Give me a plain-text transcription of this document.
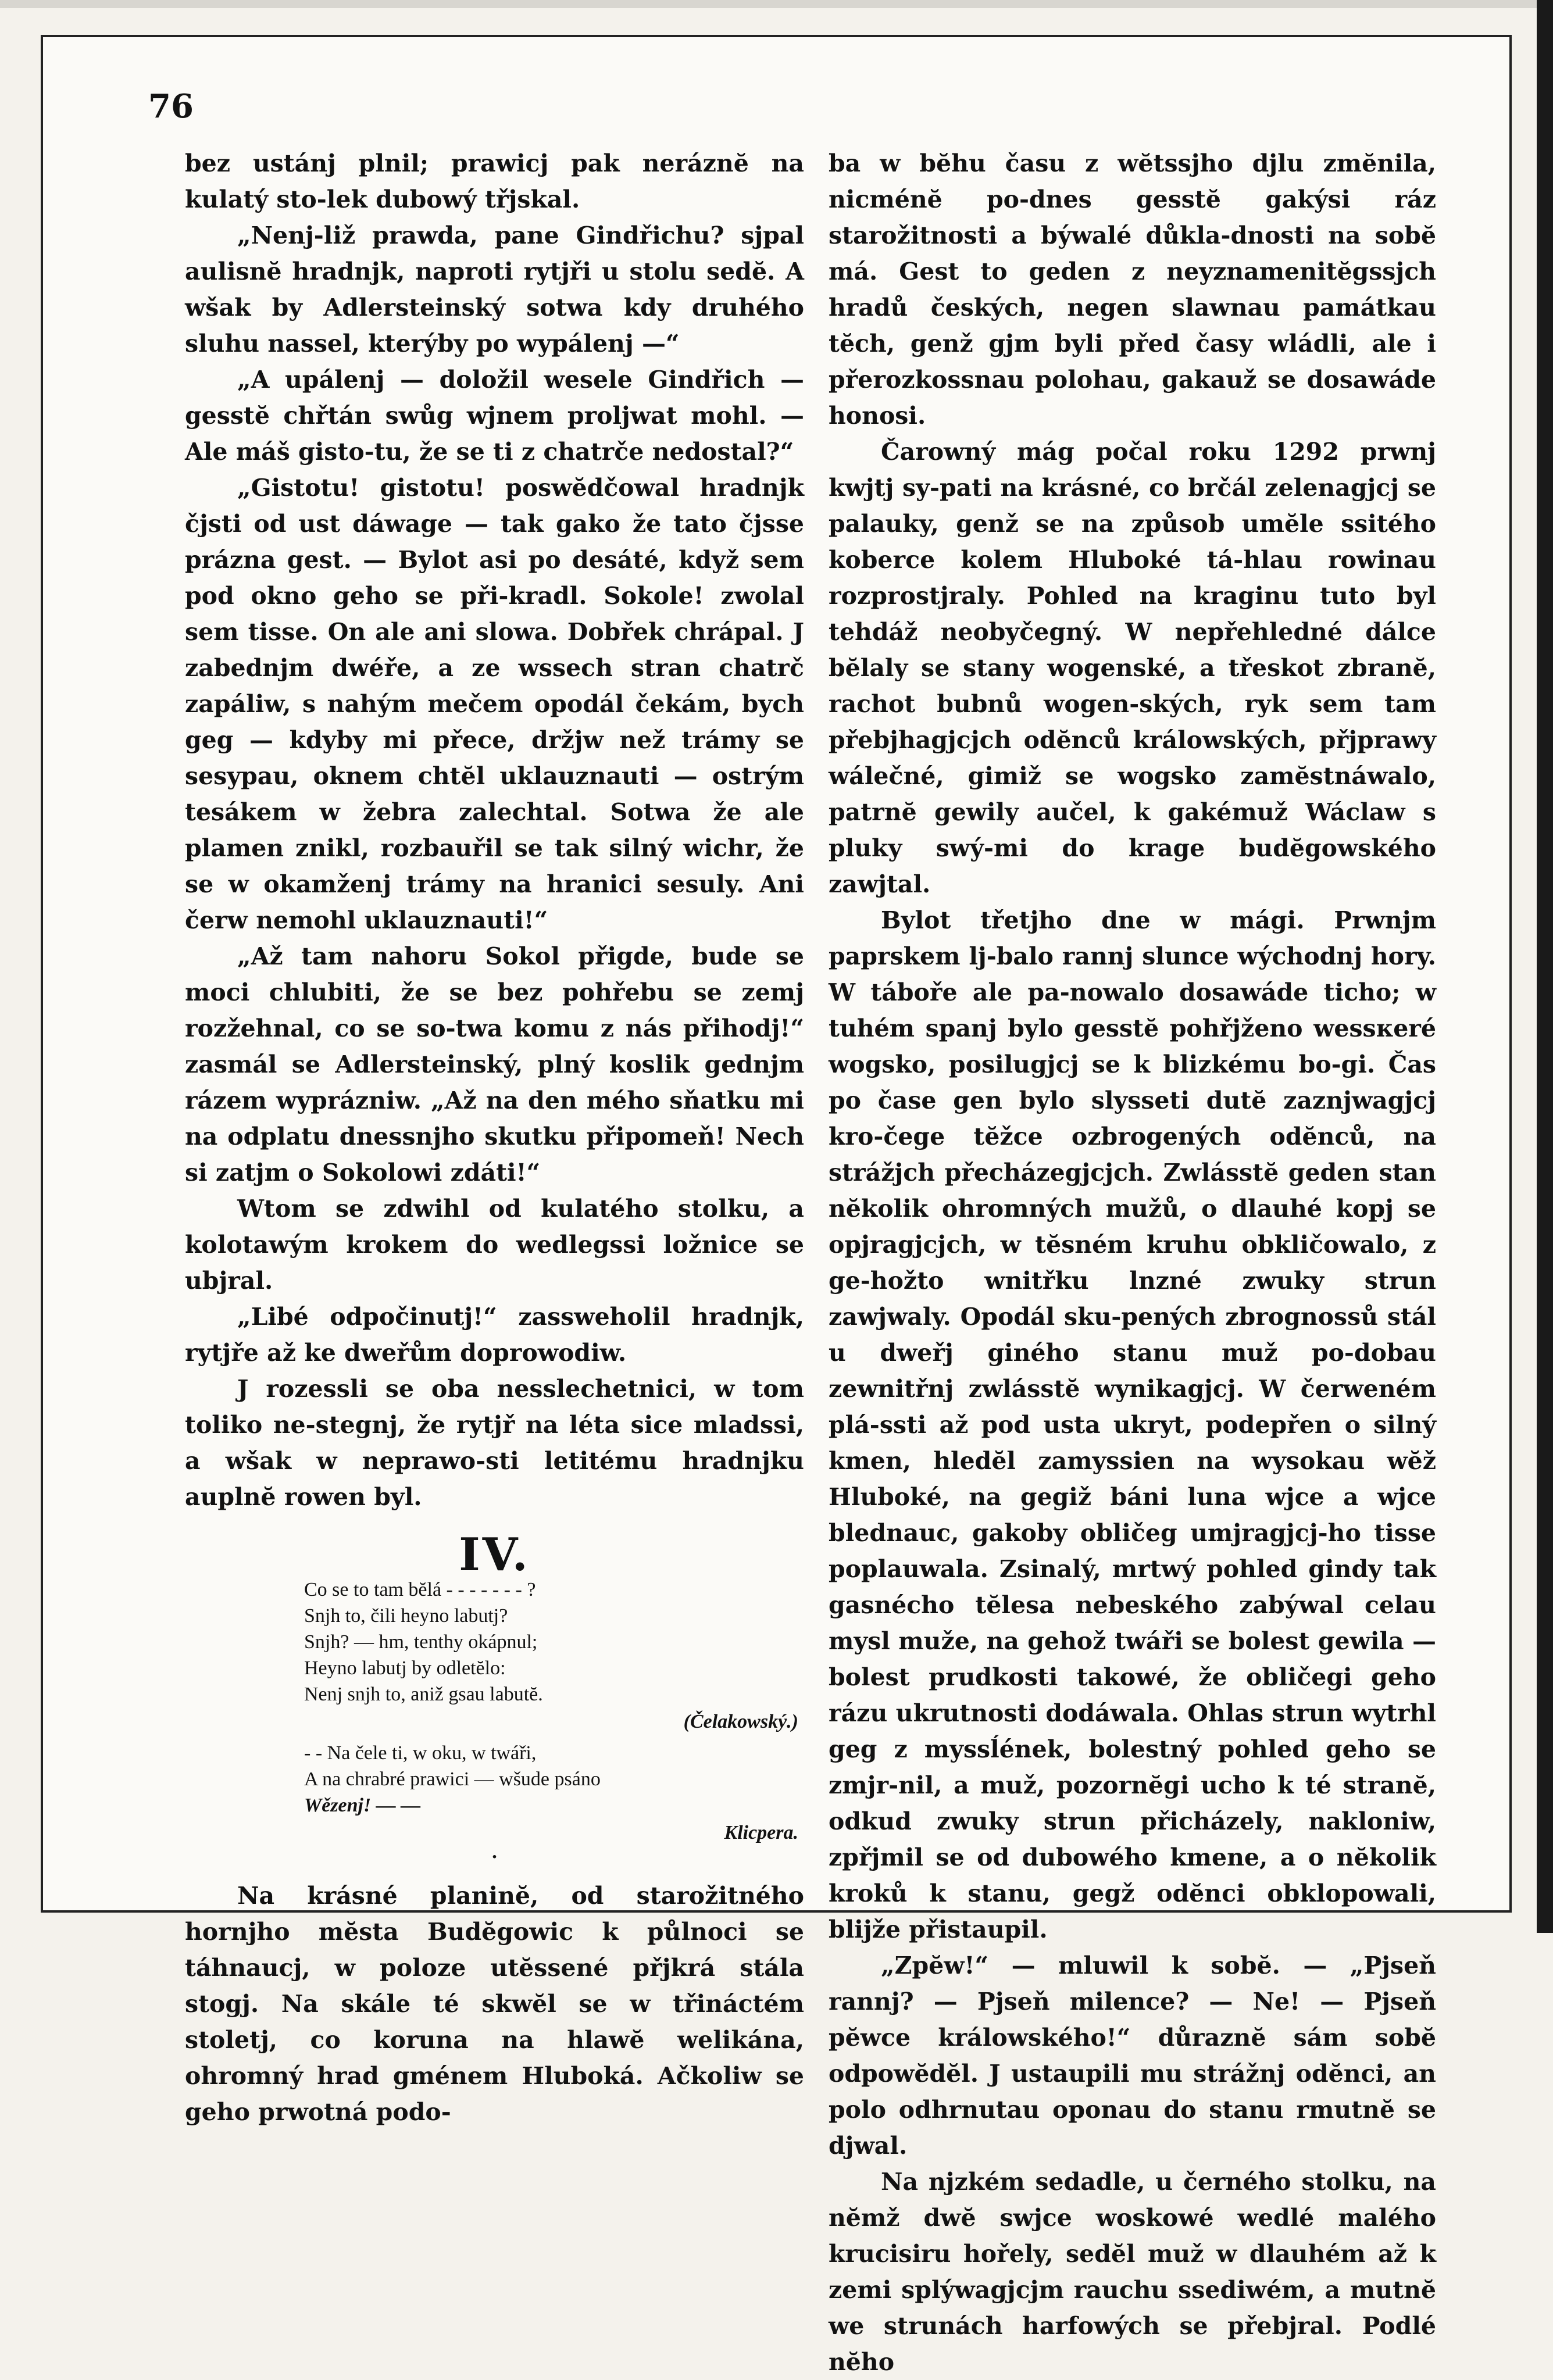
76

bez ustánj plnil; prawicj pak neráznĕ na kulatý sto-lek dubowý třjskal.

„Nenj-liž prawda, pane Gindřichu? sjpal aulisnĕ hradnjk, naproti rytjři u stolu sedĕ. A wšak by Adlersteinský sotwa kdy druhého sluhu nassel, kterýby po wypálenj —“

„A upálenj — doložil wesele Gindřich — gesstĕ chřtán swůg wjnem proljwat mohl. — Ale máš gisto-tu, že se ti z chatrče nedostal?“

„Gistotu! gistotu! poswĕdčowal hradnjk čjsti od ust dáwage — tak gako že tato čjsse prázna gest. — Bylot asi po desáté, když sem pod okno geho se při-kradl. Sokole! zwolal sem tisse. On ale ani slowa. Dobřek chrápal. J zabednjm dwéře, a ze wssech stran chatrč zapáliw, s nahým mečem opodál čekám, bych geg — kdyby mi přece, držjw než trámy se sesypau, oknem chtĕl uklauznauti — ostrým tesákem w žebra zalechtal. Sotwa že ale plamen znikl, rozbauřil se tak silný wichr, že se w okamženj trámy na hranici sesuly. Ani čerw nemohl uklauznauti!“

„Až tam nahoru Sokol přigde, bude se moci chlubiti, že se bez pohřebu se zemj rozžehnal, co se so-twa komu z nás přihodj!“ zasmál se Adlersteinský, plný koslik gednjm rázem wyprázniw. „Až na den mého sňatku mi na odplatu dnessnjho skutku připomeň! Nech si zatjm o Sokolowi zdáti!“

Wtom se zdwihl od kulatého stolku, a kolotawým krokem do wedlegssi ložnice se ubjral.

„Libé odpočinutj!“ zasswеholil hradnjk, rytjře až ke dweřům doprowodiw.

J rozessli se oba nesslechetnici, w tom toliko ne-stegnj, že rytjř na léta sice mladssi, a wšak w neprawo-sti letitému hradnjku auplnĕ rowen byl.

IV.
Co se to tam bĕlá - - - - - - - ?
Snjh to, čili heyno labutj?
Snjh? — hm, tenthy okápnul;
Heyno labutj by odletĕlo:
Nenj snjh to, aniž gsau labutĕ.
(Čelakowský.)
- - Na čele ti, w oku, w twáři,
A na chrabré prawici — wšude psáno
Wězenj! — —
Klicpera.
·

Na krásné planinĕ, od starožitného hornjho mĕsta Budĕgowic k půlnoci se táhnaucj, w poloze utĕssené přjkrá stála stogj. Na skále té skwĕl se w třináctém stoletj, co koruna na hlawĕ welikána, ohromný hrad gménem Hluboká. Ačkoliw se geho prwotná podo-

ba w bĕhu času z wĕtssjho djlu zmĕnila, nicménĕ po-dnes gesstĕ gakýsi ráz starožitnosti a býwalé důkla-dnosti na sobĕ má. Gest to geden z neyznamenitĕgssjch hradů českých, negen slawnau památkau tĕch, genž gjm byli před časy wládli, ale i přerozkossnau polohau, gakauž se dosawáde honosi.

Čarowný mág počal roku 1292 prwnj kwjtj sy-pati na krásné, co brčál zelenagjcj se palauky, genž se na způsob umĕle ssitého koberce kolem Hluboké tá-hlau rowinau rozprostjraly. Pohled na kraginu tuto byl tehdáž neobyčegný. W nepřehledné dálce bĕlaly se stany wogenské, a třeskot zbranĕ, rachot bubnů wogen-ských, ryk sem tam přebjhagjcjch odĕnců králowských, přjprawy wálečné, gimiž se wogsko zamĕstnáwalo, patrnĕ gewily aučel, k gakémuž Wáclaw s pluky swý-mi do krage budĕgowského zawjtal.

Bylot třetjho dne w mági. Prwnjm paprskem lj-balo rannj slunce wýchodnj hory. W táboře ale pa-nowalo dosawáde ticho; w tuhém spanj bylo gesstĕ pohřjženo wessкeré wogsko, posilugjcj se k blizkému bo-gi. Čas po čase gen bylo slysseti dutĕ zaznjwagjcj kro-čege tĕžce ozbrogených odĕnců, na strážjch přecházegjcjch. Zwlásstĕ geden stan nĕkolik ohromných mužů, o dlauhé kopj se opjragjcjch, w tĕsném kruhu obkličowalo, z ge-hožto wnitřku lnzné zwuky strun zawjwaly. Opodál sku-pených zbrognossů stál u dweřj giného stanu muž po-dobau zewnitřnj zwlásstĕ wynikagjcj. W čerweném plá-ssti až pod usta ukryt, podepřen o silný kmen, hledĕl zamyssien na wysokau wĕž Hluboké, na gegiž báni luna wjce a wjce blednauc, gakoby obličeg umjragjcj-ho tisse poplauwala. Zsinalý, mrtwý pohled gindy tak gasnécho tĕlesa nebeského zabýwal celau mysl muže, na gehož twáři se bolest gewila — bolest prudkosti takowé, že obličegi geho rázu ukrutnosti dodáwala. Ohlas strun wytrhl geg z myssĺének, bolestný pohled geho se zmjr-nil, a muž, pozornĕgi ucho k té stranĕ, odkud zwuky strun přicházely, nakloniw, zpřjmil se od dubowého kmene, a o nĕkolik kroků k stanu, gegž odĕnci obklopowali, blijže přistaupil.

„Zpĕw!“ — mluwil k sobĕ. — „Pjseň rannj? — Pjseň milence? — Ne! — Pjseň pĕwce králowského!“ důraznĕ sám sobĕ odpowĕdĕl. J ustaupili mu strážnj odĕnci, an polo odhrnutau oponau do stanu rmutnĕ se djwal.

Na njzkém sedadle, u černého stolku, na nĕmž dwĕ swjce woskowé wedlé malého krucisiru hořely, sedĕl muž w dlauhém až k zemi splýwagjcjm rauchu ssediwém, a mutnĕ we strunách harfowých se přebjral. Podlé nĕho
